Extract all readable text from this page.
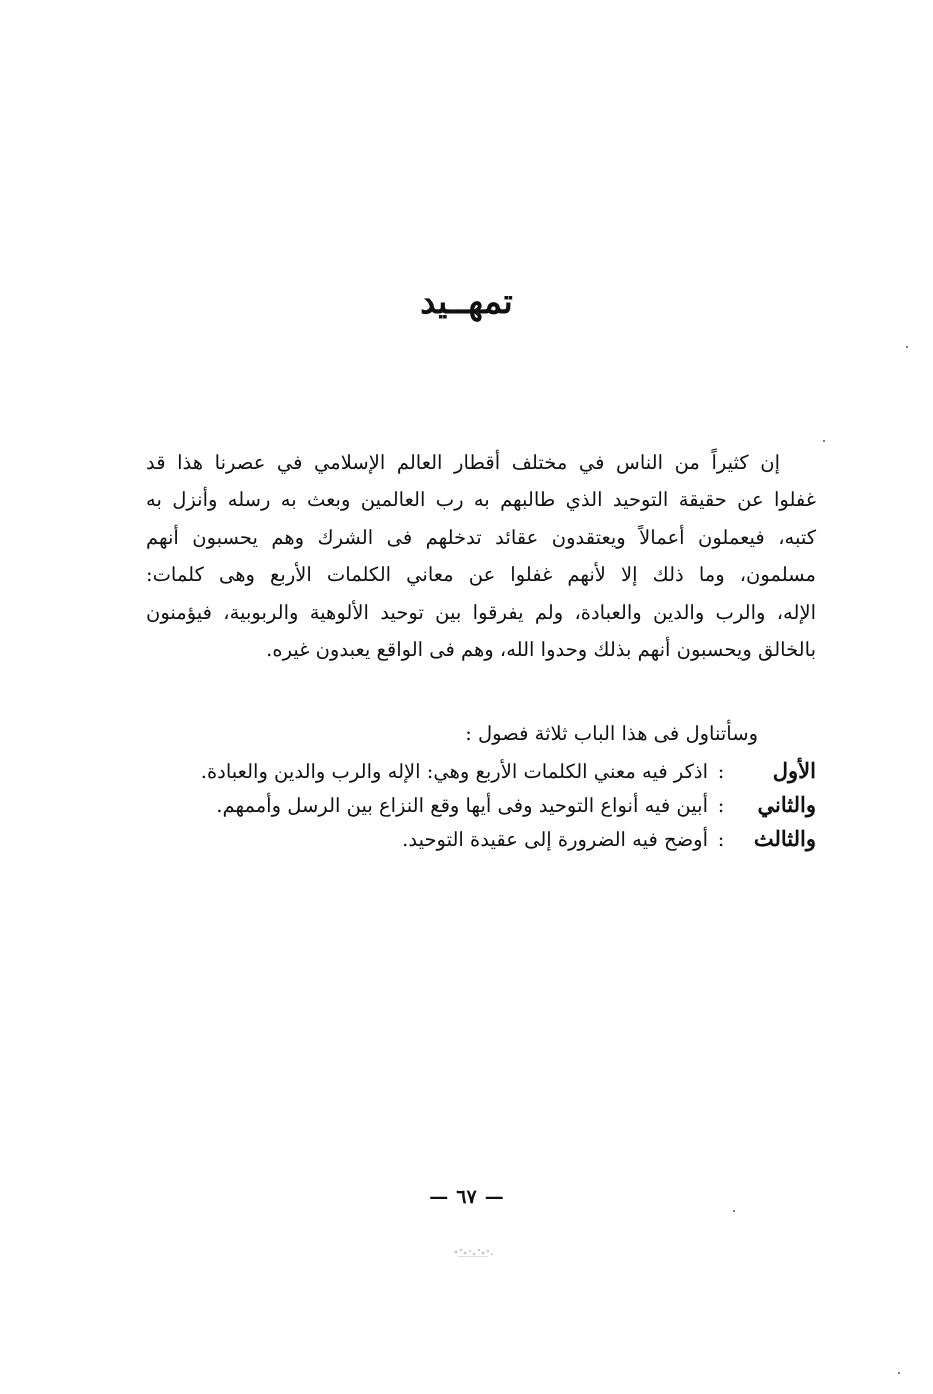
تمهــيد
إن كثيراً من الناس في مختلف أقطار العالم الإسلامي في عصرنا هذا قد
غفلوا عن حقيقة التوحيد الذي طالبهم به رب العالمين وبعث به رسله وأنزل به
كتبه، فيعملون أعمالاً ويعتقدون عقائد تدخلهم فى الشرك وهم يحسبون أنهم
مسلمون، وما ذلك إلا لأنهم غفلوا عن معاني الكلمات الأربع وهى كلمات:
الإله، والرب والدين والعبادة، ولم يفرقوا بين توحيد الألوهية والربوبية، فيؤمنون
بالخالق ويحسبون أنهم بذلك وحدوا الله، وهم فى الواقع يعبدون غيره.
وسأتناول فى هذا الباب ثلاثة فصول :
الأول
:
اذكر فيه معني الكلمات الأربع وهي: الإله والرب والدين والعبادة.
والثاني
:
أبين فيه أنواع التوحيد وفى أيها وقع النزاع بين الرسل وأممهم.
والثالث
:
أوضح فيه الضرورة إلى عقيدة التوحيد.
—٦٧—
